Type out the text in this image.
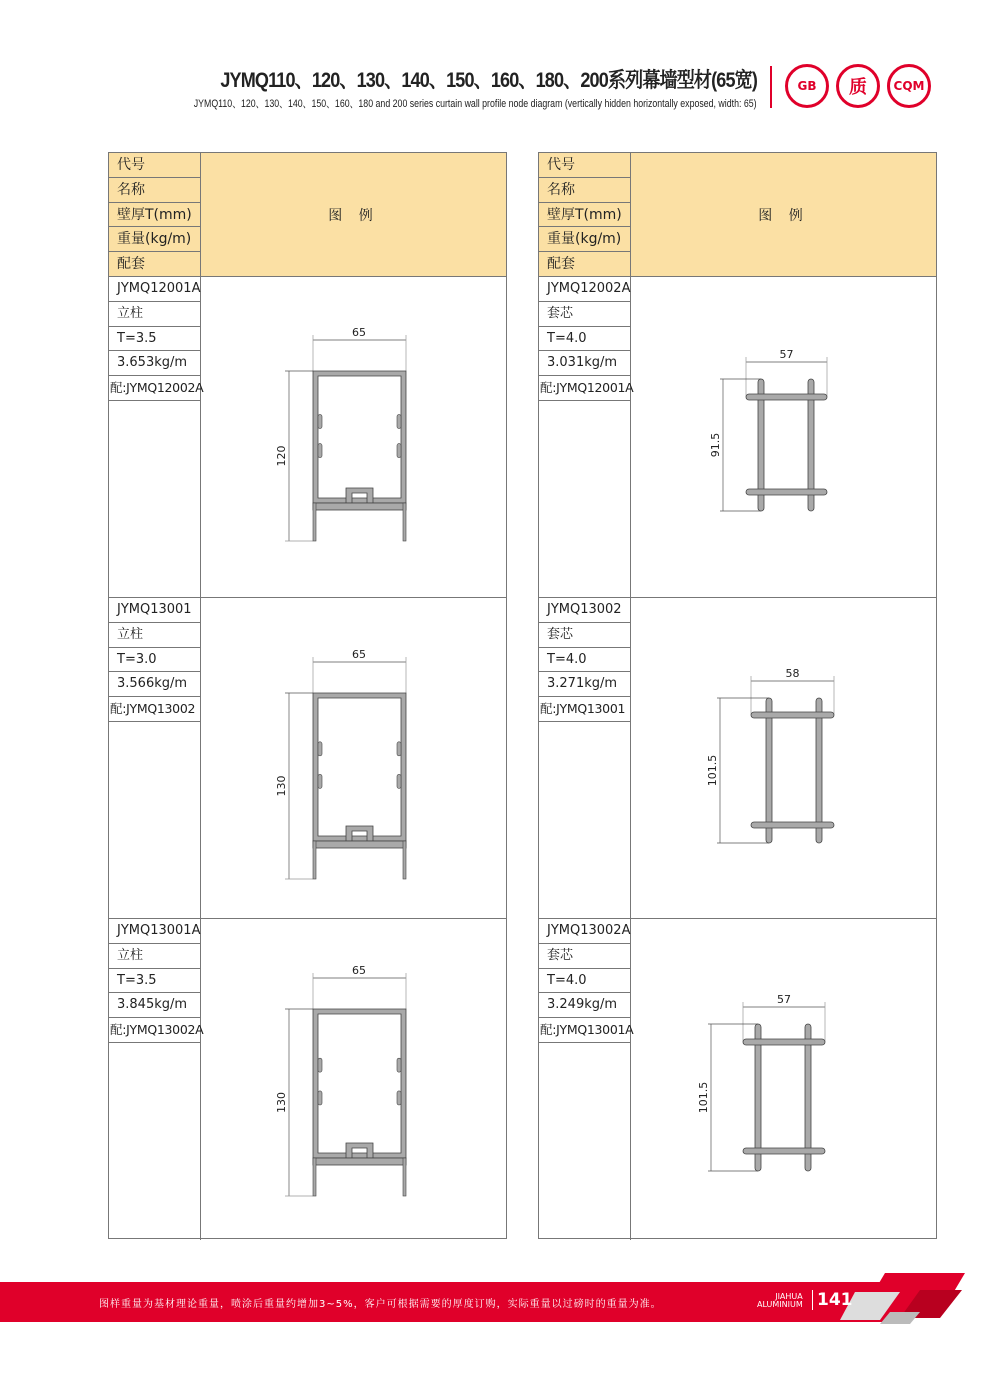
JYMQ110、120、130、140、150、160、180、200系列幕墙型材(65宽)
JYMQ110、120、130、140、150、160、180 and 200 series curtain wall profile node diagram (vertically hidden horizontally exposed, width: 65)
GB	质	CQM
代号
名称
壁厚T(mm)
重量(kg/m)
配套
图 例
JYMQ12001A
立柱
T=3.5
3.653kg/m
配:JYMQ12002A
65
120
JYMQ13001
立柱
T=3.0
3.566kg/m
配:JYMQ13002
65
130
JYMQ13001A
立柱
T=3.5
3.845kg/m
配:JYMQ13002A
65
130
代号
名称
壁厚T(mm)
重量(kg/m)
配套
图 例
JYMQ12002A
套芯
T=4.0
3.031kg/m
配:JYMQ12001A
57
91.5
JYMQ13002
套芯
T=4.0
3.271kg/m
配:JYMQ13001
58
101.5
JYMQ13002A
套芯
T=4.0
3.249kg/m
配:JYMQ13001A
57
101.5
图样重量为基材理论重量，喷涂后重量约增加3~5%，客户可根据需要的厚度订购，实际重量以过磅时的重量为准。
JIAHUA
ALUMINIUM 141
